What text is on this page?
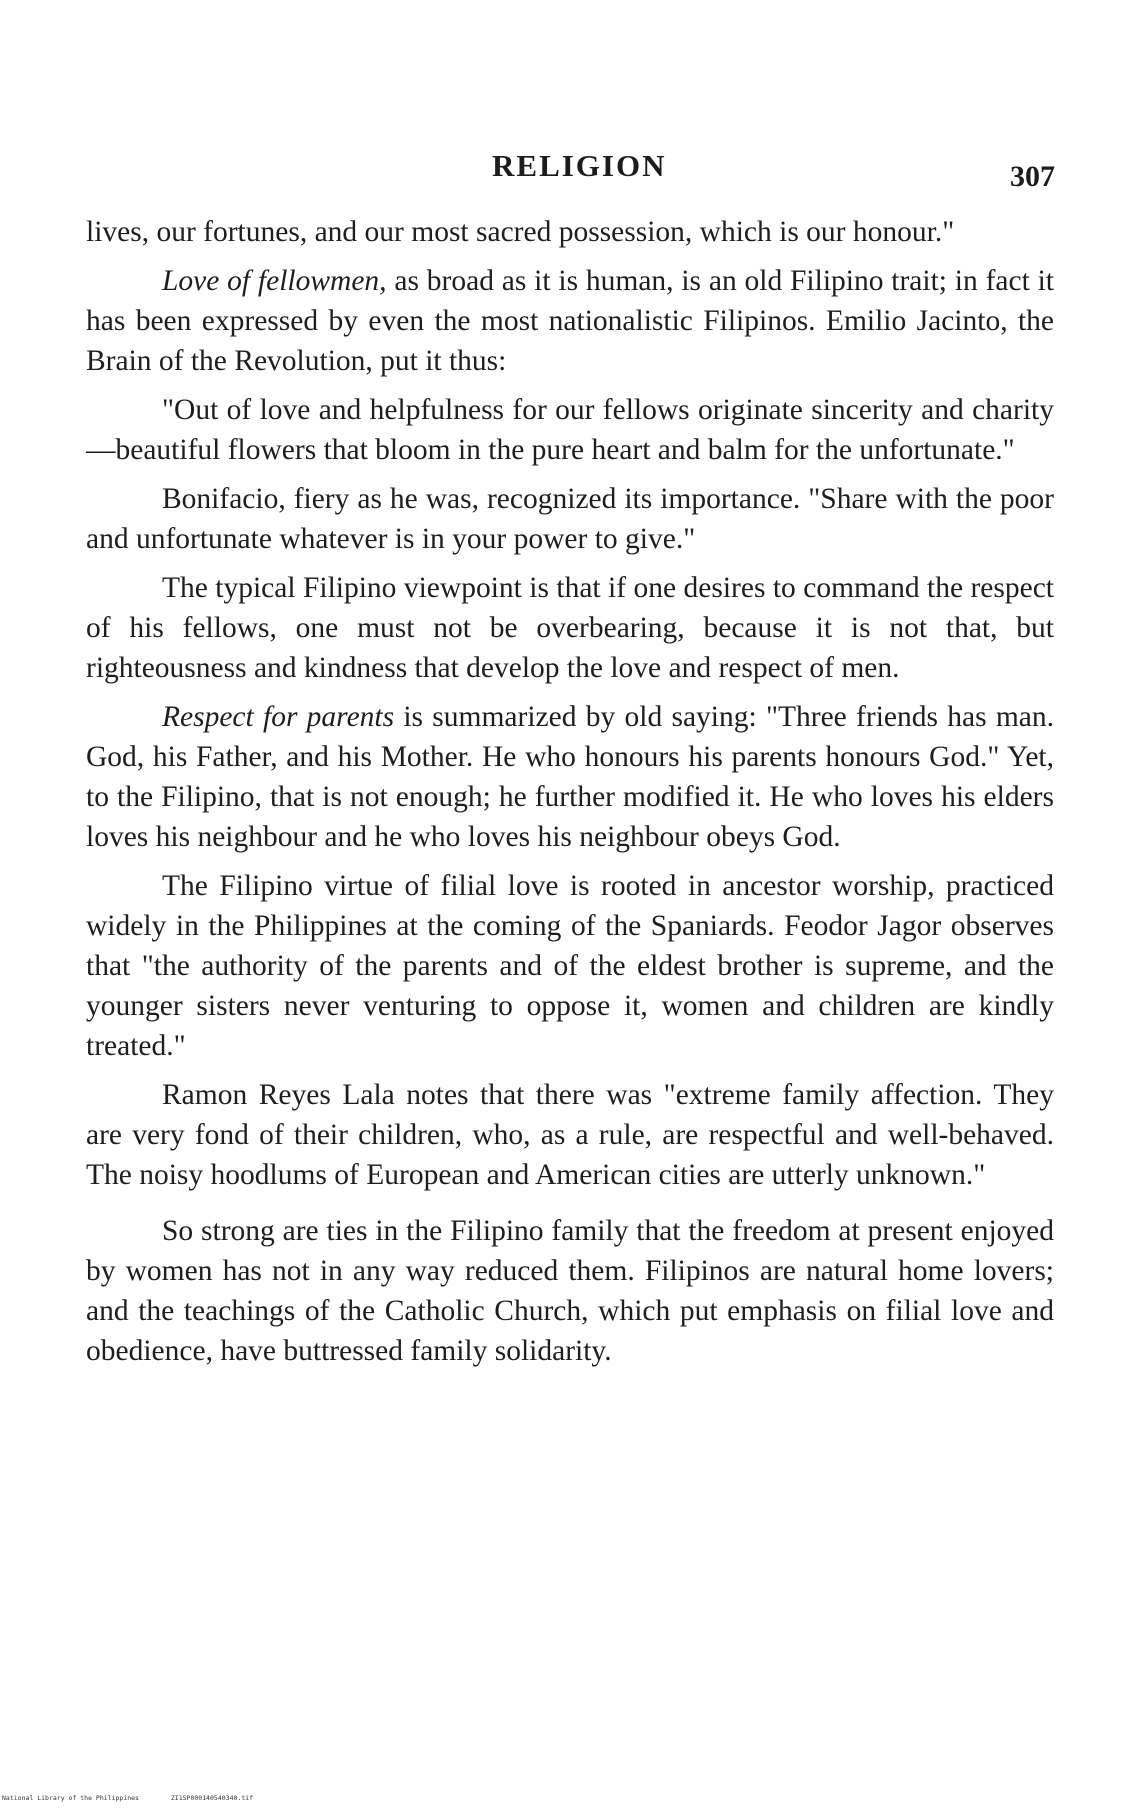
RELIGION	307

lives, our fortunes, and our most sacred possession, which is our honour."

Love of fellowmen, as broad as it is human, is an old Filipino trait; in fact it has been expressed by even the most nationalistic Filipinos. Emilio Jacinto, the Brain of the Revolution, put it thus:

"Out of love and helpfulness for our fellows originate sincerity and charity—beautiful flowers that bloom in the pure heart and balm for the unfortunate."

Bonifacio, fiery as he was, recognized its importance. "Share with the poor and unfortunate whatever is in your power to give."

The typical Filipino viewpoint is that if one desires to command the respect of his fellows, one must not be overbearing, because it is not that, but righteousness and kindness that develop the love and respect of men.

Respect for parents is summarized by old saying: "Three friends has man. God, his Father, and his Mother. He who honours his parents honours God." Yet, to the Filipino, that is not enough; he further modified it. He who loves his elders loves his neighbour and he who loves his neighbour obeys God.

The Filipino virtue of filial love is rooted in ancestor worship, practiced widely in the Philippines at the coming of the Spaniards. Feodor Jagor observes that "the authority of the parents and of the eldest brother is supreme, and the younger sisters never venturing to oppose it, women and children are kindly treated."

Ramon Reyes Lala notes that there was "extreme family affection. They are very fond of their children, who, as a rule, are respectful and well-behaved. The noisy hoodlums of European and American cities are utterly unknown."

So strong are ties in the Filipino family that the freedom at present enjoyed by women has not in any way reduced them. Filipinos are natural home lovers; and the teachings of the Catholic Church, which put emphasis on filial love and obedience, have buttressed family solidarity.

National Library of the Philippines	ZI1SP000140540340.tif
